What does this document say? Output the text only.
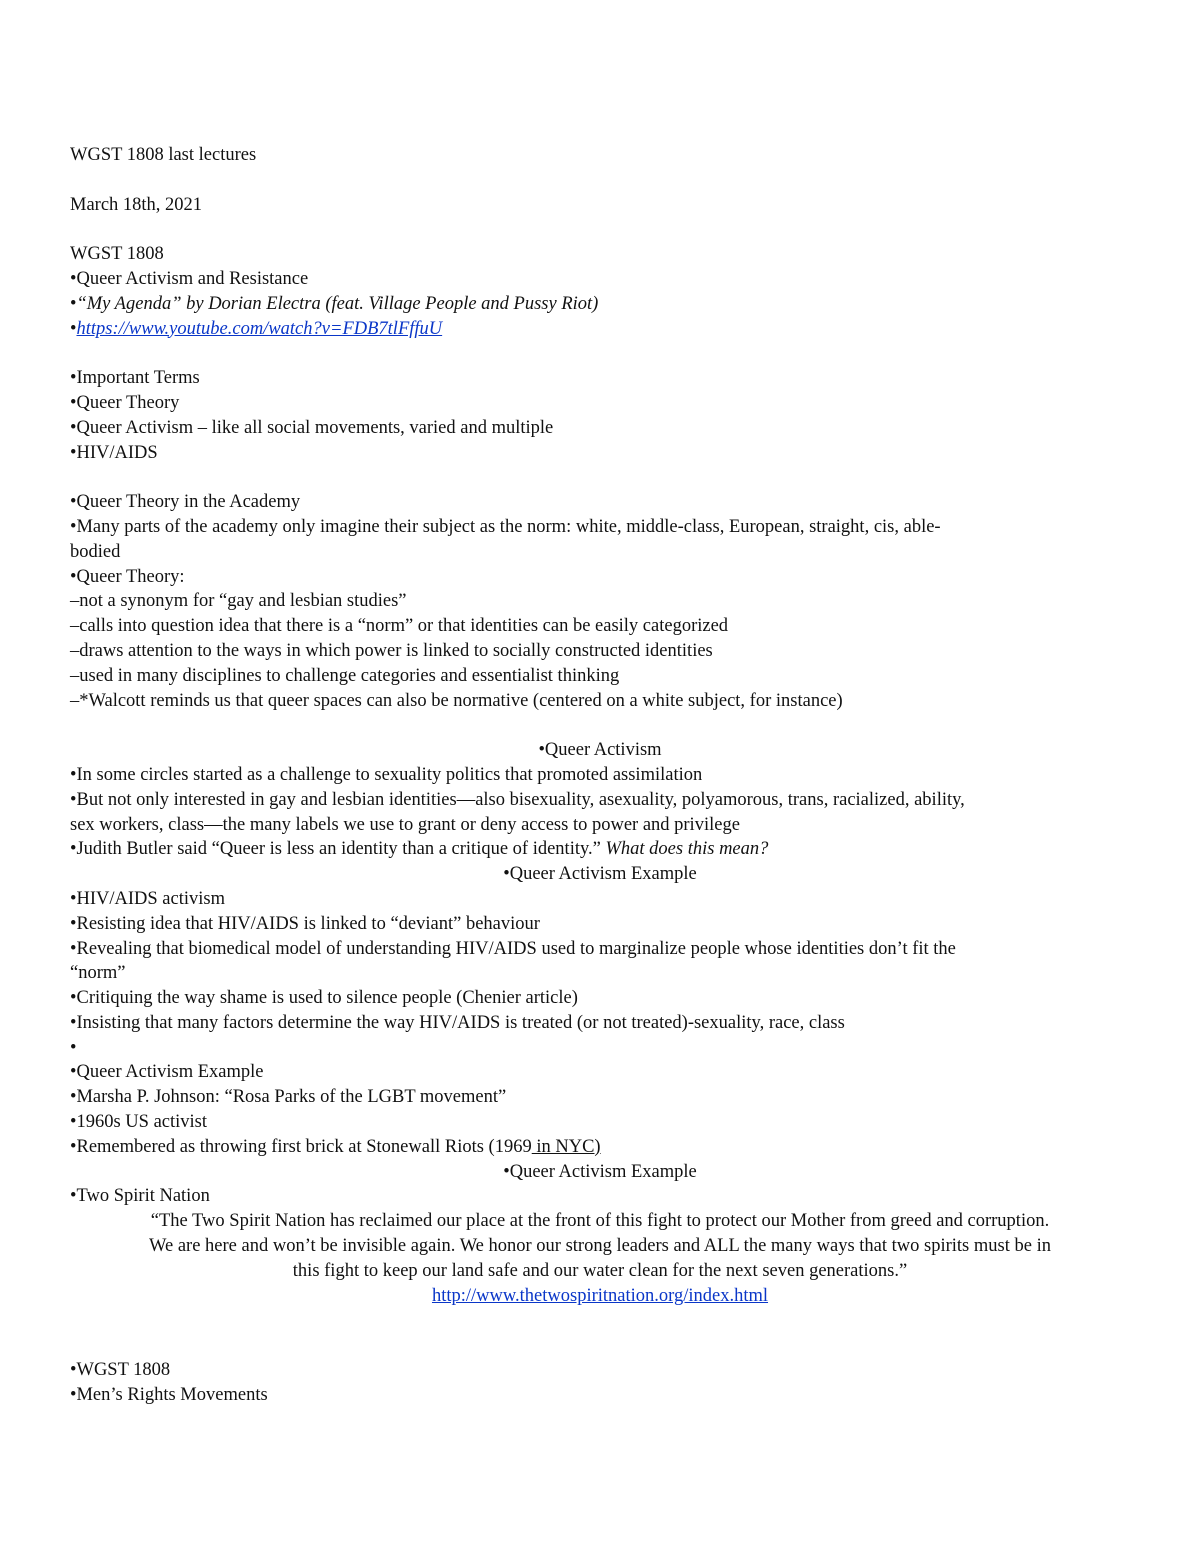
WGST 1808 last lectures
March 18th, 2021
WGST 1808
•Queer Activism and Resistance
•“My Agenda” by Dorian Electra (feat. Village People and Pussy Riot)
•https://www.youtube.com/watch?v=FDB7tlFffuU
•Important Terms
•Queer Theory
•Queer Activism – like all social movements, varied and multiple
•HIV/AIDS
•Queer Theory in the Academy
•Many parts of the academy only imagine their subject as the norm: white, middle-class, European, straight, cis, able-
bodied
•Queer Theory:
–not a synonym for “gay and lesbian studies”
–calls into question idea that there is a “norm” or that identities can be easily categorized
–draws attention to the ways in which power is linked to socially constructed identities
–used in many disciplines to challenge categories and essentialist thinking
–*Walcott reminds us that queer spaces can also be normative (centered on a white subject, for instance)
•Queer Activism
•In some circles started as a challenge to sexuality politics that promoted assimilation
•But not only interested in gay and lesbian identities—also bisexuality, asexuality, polyamorous, trans, racialized, ability,
sex workers, class—the many labels we use to grant or deny access to power and privilege
•Judith Butler said “Queer is less an identity than a critique of identity.” What does this mean?
•Queer Activism Example
•HIV/AIDS activism
•Resisting idea that HIV/AIDS is linked to “deviant” behaviour
•Revealing that biomedical model of understanding HIV/AIDS used to marginalize people whose identities don’t fit the
“norm”
•Critiquing the way shame is used to silence people (Chenier article)
•Insisting that many factors determine the way HIV/AIDS is treated (or not treated)-sexuality, race, class
•
•Queer Activism Example
•Marsha P. Johnson: “Rosa Parks of the LGBT movement”
•1960s US activist
•Remembered as throwing first brick at Stonewall Riots (1969 in NYC)
•Queer Activism Example
•Two Spirit Nation
“The Two Spirit Nation has reclaimed our place at the front of this fight to protect our Mother from greed and corruption.
We are here and won’t be invisible again. We honor our strong leaders and ALL the many ways that two spirits must be in
this fight to keep our land safe and our water clean for the next seven generations.”
http://www.thetwospiritnation.org/index.html
•WGST 1808
•Men’s Rights Movements
